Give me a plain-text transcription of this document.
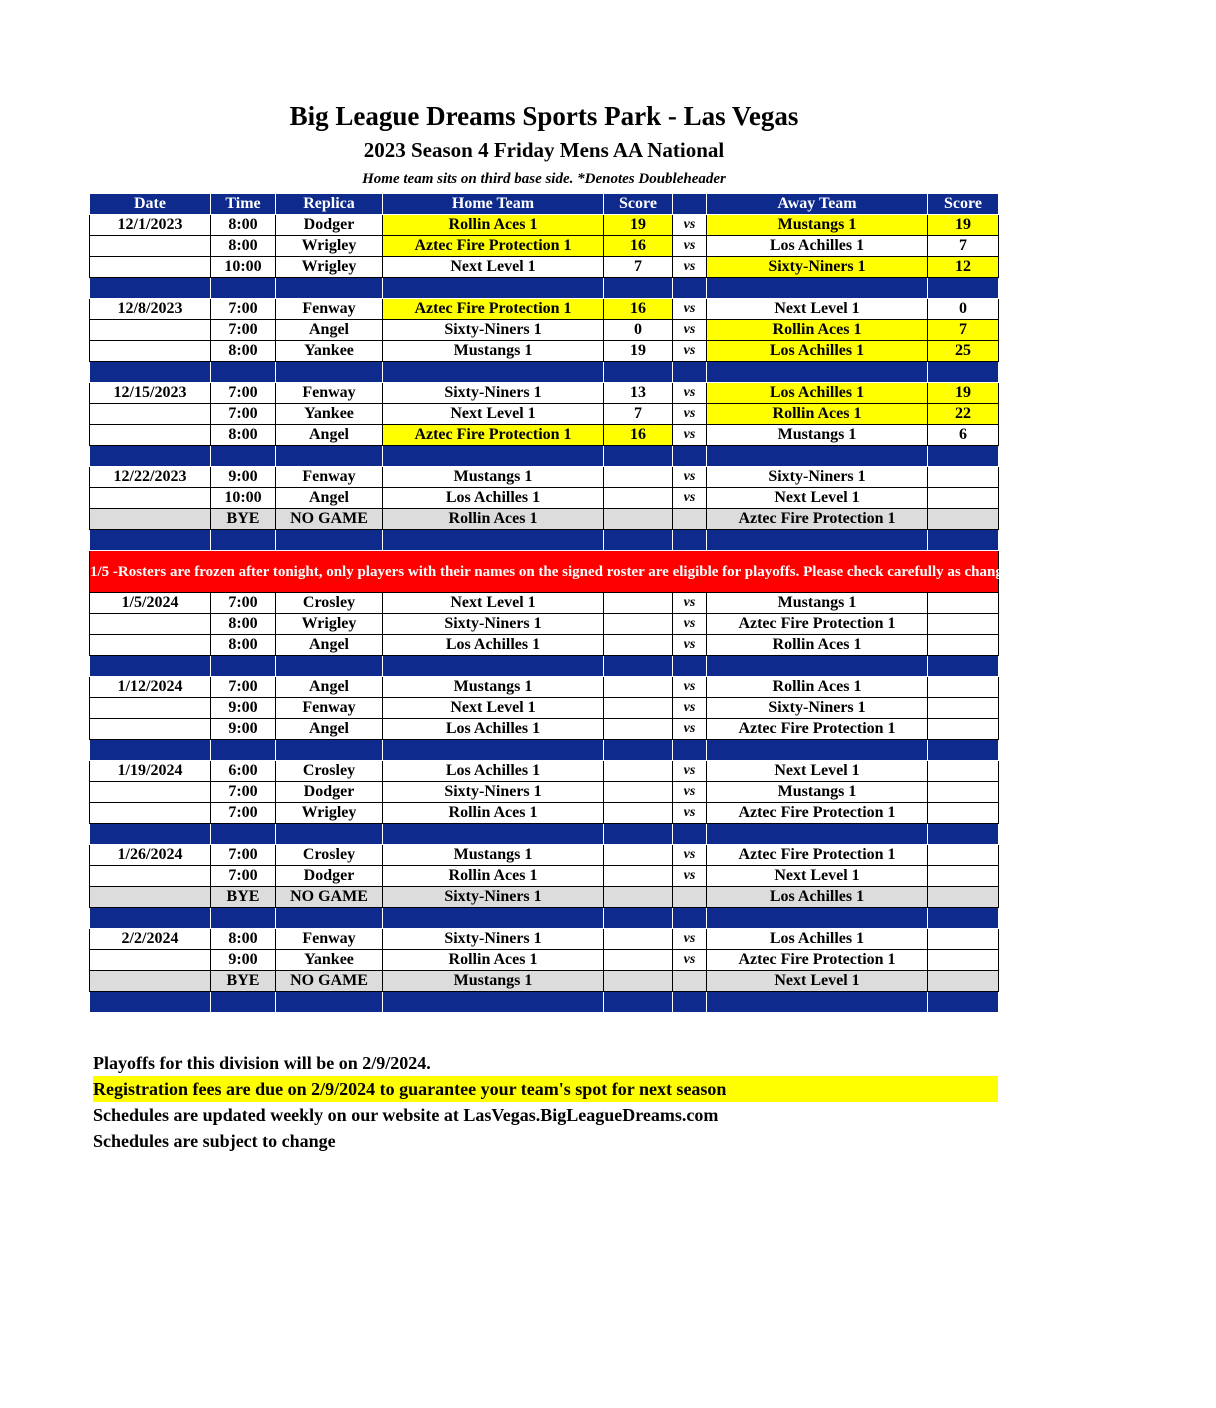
Big League Dreams Sports Park - Las Vegas
2023 Season 4 Friday Mens AA National
Home team sits on third base side. *Denotes Doubleheader
Date	Time	Replica	Home Team	Score		Away Team	Score
12/1/2023	8:00	Dodger	Rollin Aces 1	19	vs	Mustangs 1	19
	8:00	Wrigley	Aztec Fire Protection 1	16	vs	Los Achilles 1	7
	10:00	Wrigley	Next Level 1	7	vs	Sixty-Niners 1	12

12/8/2023	7:00	Fenway	Aztec Fire Protection 1	16	vs	Next Level 1	0
	7:00	Angel	Sixty-Niners 1	0	vs	Rollin Aces 1	7
	8:00	Yankee	Mustangs 1	19	vs	Los Achilles 1	25

12/15/2023	7:00	Fenway	Sixty-Niners 1	13	vs	Los Achilles 1	19
	7:00	Yankee	Next Level 1	7	vs	Rollin Aces 1	22
	8:00	Angel	Aztec Fire Protection 1	16	vs	Mustangs 1	6

12/22/2023	9:00	Fenway	Mustangs 1		vs	Sixty-Niners 1	
	10:00	Angel	Los Achilles 1		vs	Next Level 1	
	BYE	NO GAME	Rollin Aces 1			Aztec Fire Protection 1	

1/5 -Rosters are frozen after tonight, only players with their names on the signed roster are eligible for playoffs. Please check carefully as changes will not be made for omissions.							
1/5/2024	7:00	Crosley	Next Level 1		vs	Mustangs 1	
	8:00	Wrigley	Sixty-Niners 1		vs	Aztec Fire Protection 1	
	8:00	Angel	Los Achilles 1		vs	Rollin Aces 1	

1/12/2024	7:00	Angel	Mustangs 1		vs	Rollin Aces 1	
	9:00	Fenway	Next Level 1		vs	Sixty-Niners 1	
	9:00	Angel	Los Achilles 1		vs	Aztec Fire Protection 1	

1/19/2024	6:00	Crosley	Los Achilles 1		vs	Next Level 1	
	7:00	Dodger	Sixty-Niners 1		vs	Mustangs 1	
	7:00	Wrigley	Rollin Aces 1		vs	Aztec Fire Protection 1	

1/26/2024	7:00	Crosley	Mustangs 1		vs	Aztec Fire Protection 1	
	7:00	Dodger	Rollin Aces 1		vs	Next Level 1	
	BYE	NO GAME	Sixty-Niners 1			Los Achilles 1	

2/2/2024	8:00	Fenway	Sixty-Niners 1		vs	Los Achilles 1	
	9:00	Yankee	Rollin Aces 1		vs	Aztec Fire Protection 1	
	BYE	NO GAME	Mustangs 1			Next Level 1	

Playoffs for this division will be on 2/9/2024.
Registration fees are due on 2/9/2024 to guarantee your team's spot for next season
Schedules are updated weekly on our website at LasVegas.BigLeagueDreams.com
Schedules are subject to change
